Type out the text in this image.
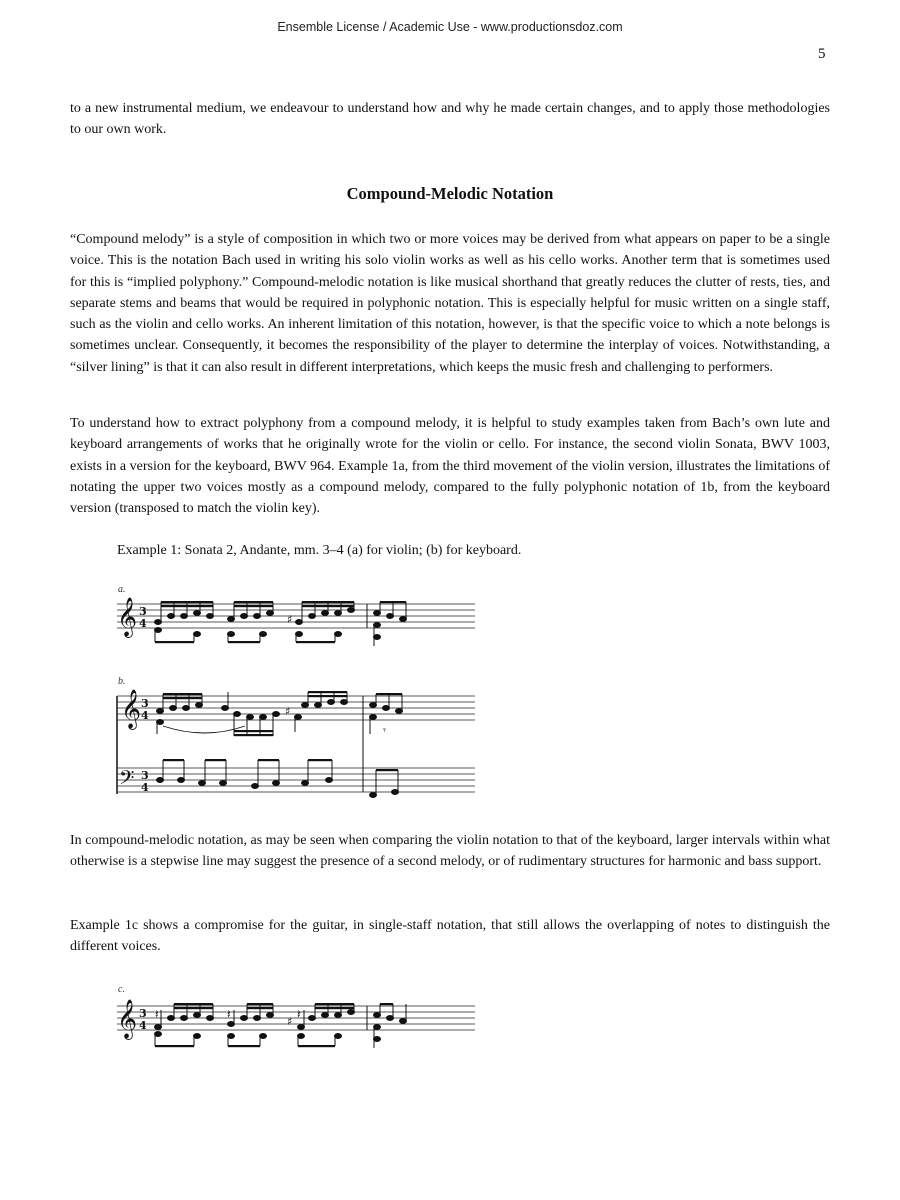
Ensemble License / Academic Use - www.productionsdoz.com
5

to a new instrumental medium, we endeavour to understand how and why he made certain changes, and to apply those methodologies to our own work.

Compound-Melodic Notation

“Compound melody” is a style of composition in which two or more voices may be derived from what appears on paper to be a single voice. This is the notation Bach used in writing his solo violin works as well as his cello works. Another term that is sometimes used for this is “implied polyphony.” Compound-melodic notation is like musical shorthand that greatly reduces the clutter of rests, ties, and separate stems and beams that would be required in polyphonic notation. This is especially helpful for music written on a single staff, such as the violin and cello works. An inherent limitation of this notation, however, is that the specific voice to which a note belongs is sometimes unclear. Consequently, it becomes the responsibility of the player to determine the interplay of voices. Notwithstanding, a “silver lining” is that it can also result in different interpretations, which keeps the music fresh and challenging to performers.

To understand how to extract polyphony from a compound melody, it is helpful to study examples taken from Bach’s own lute and keyboard arrangements of works that he originally wrote for the violin or cello. For instance, the second violin Sonata, BWV 1003, exists in a version for the keyboard, BWV 964. Example 1a, from the third movement of the violin version, illustrates the limitations of notating the upper two voices mostly as a compound melody, compared to the fully polyphonic notation of 1b, from the keyboard version (transposed to match the violin key).

Example 1: Sonata 2, Andante, mm. 3–4 (a) for violin; (b) for keyboard.
a.
b.
𝄞 3
4	♯
𝄞
𝄢
3
4
3
4
♯
𝄾

In compound-melodic notation, as may be seen when comparing the violin notation to that of the keyboard, larger intervals within what otherwise is a stepwise line may suggest the presence of a second melody, or of rudimentary structures for harmonic and bass support.

Example 1c shows a compromise for the guitar, in single-staff notation, that still allows the overlapping of notes to distinguish the different voices.

c.
𝄞 3
4
𝄽	𝄽
♯
𝄽
